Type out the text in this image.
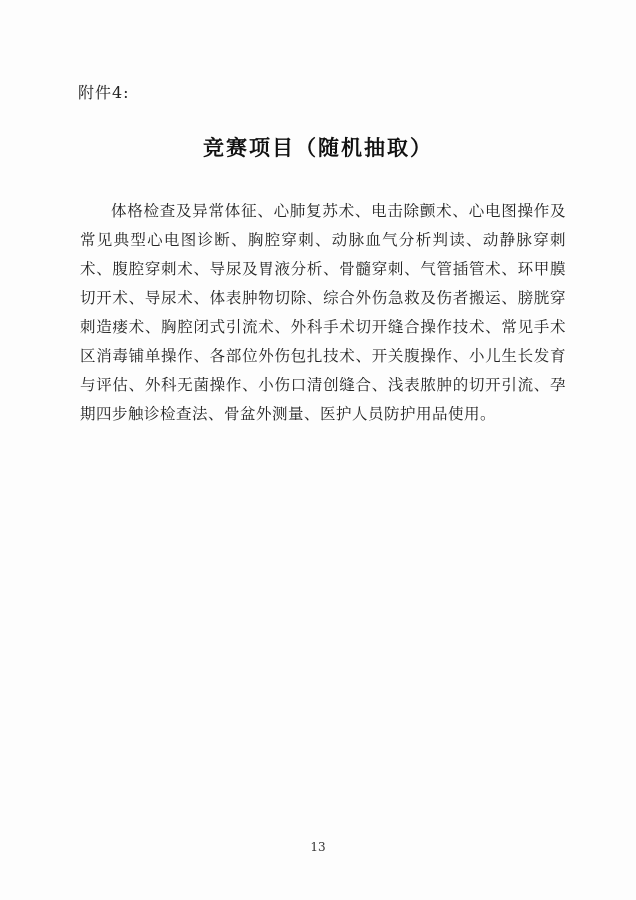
附件4:
竞赛项目（随机抽取）
体格检查及异常体征、心肺复苏术、电击除颤术、心电图操作及常见典型心电图诊断、胸腔穿刺、动脉血气分析判读、动静脉穿刺术、腹腔穿刺术、导尿及胃液分析、骨髓穿刺、气管插管术、环甲膜切开术、导尿术、体表肿物切除、综合外伤急救及伤者搬运、膀胱穿刺造瘘术、胸腔闭式引流术、外科手术切开缝合操作技术、常见手术区消毒铺单操作、各部位外伤包扎技术、开关腹操作、小儿生长发育与评估、外科无菌操作、小伤口清创缝合、浅表脓肿的切开引流、孕期四步触诊检查法、骨盆外测量、医护人员防护用品使用。
13
